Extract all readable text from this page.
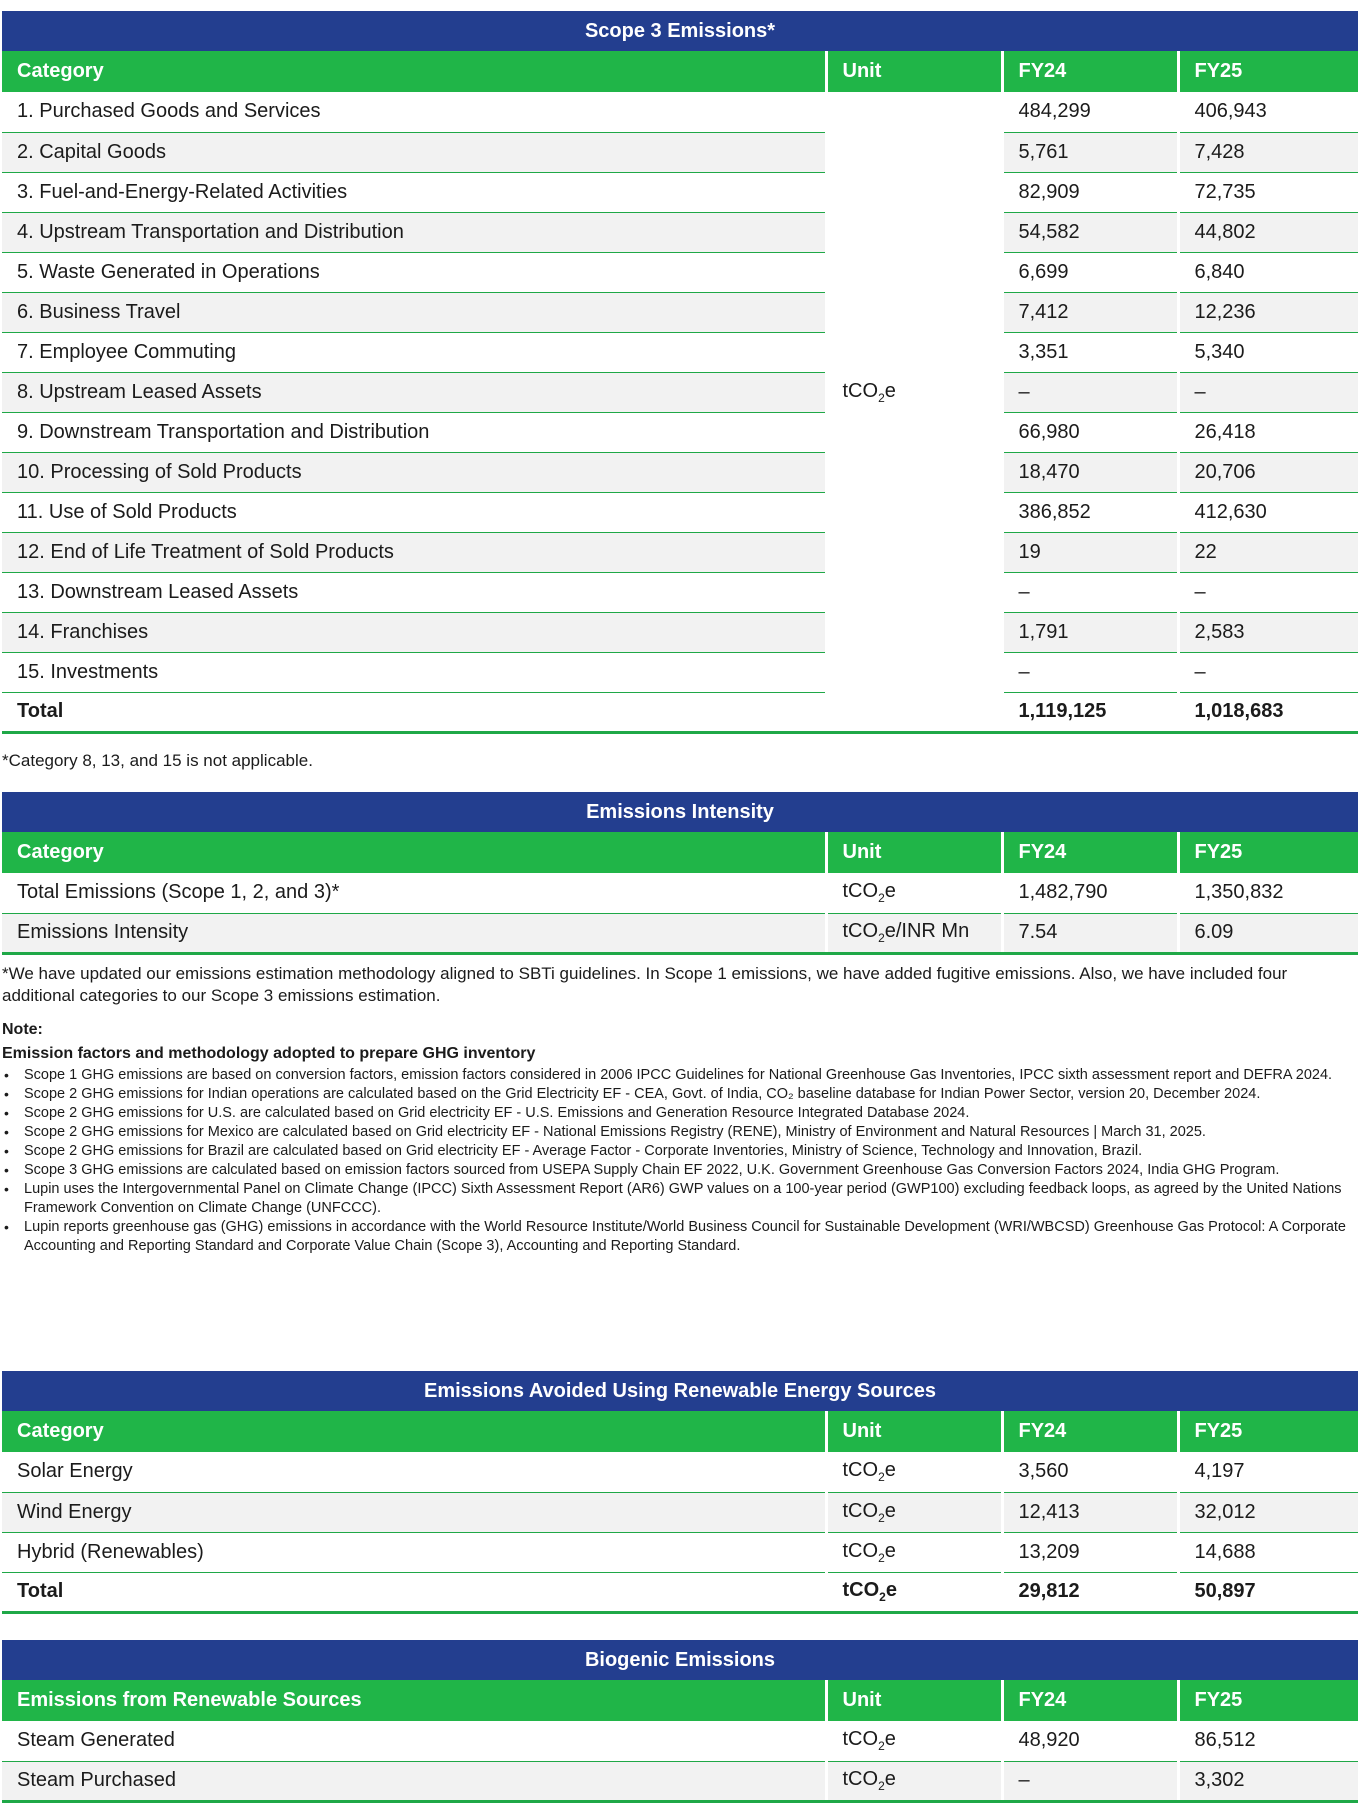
Scope 3 Emissions*
Category	Unit	FY24	FY25
1. Purchased Goods and Services	tCO$_2$e	484,299	406,943
2. Capital Goods		5,761	7,428
3. Fuel-and-Energy-Related Activities		82,909	72,735
4. Upstream Transportation and Distribution		54,582	44,802
5. Waste Generated in Operations		6,699	6,840
6. Business Travel		7,412	12,236
7. Employee Commuting		3,351	5,340
8. Upstream Leased Assets		–	–
9. Downstream Transportation and Distribution		66,980	26,418
10. Processing of Sold Products		18,470	20,706
11. Use of Sold Products		386,852	412,630
12. End of Life Treatment of Sold Products		19	22
13. Downstream Leased Assets		–	–
14. Franchises		1,791	2,583
15. Investments		–	–
Total		1,119,125	1,018,683
*Category 8, 13, and 15 is not applicable.
Emissions Intensity
Category	Unit	FY24	FY25
Total Emissions (Scope 1, 2, and 3)*	tCO$_2$e	1,482,790	1,350,832
Emissions Intensity	tCO$_2$e/INR Mn	7.54	6.09
*We have updated our emissions estimation methodology aligned to SBTi guidelines. In Scope 1 emissions, we have added fugitive emissions. Also, we have included four additional categories to our Scope 3 emissions estimation.
Note:
Emission factors and methodology adopted to prepare GHG inventory
• Scope 1 GHG emissions are based on conversion factors, emission factors considered in 2006 IPCC Guidelines for National Greenhouse Gas Inventories, IPCC sixth assessment report and DEFRA 2024.
• Scope 2 GHG emissions for Indian operations are calculated based on the Grid Electricity EF - CEA, Govt. of India, CO₂ baseline database for Indian Power Sector, version 20, December 2024.
• Scope 2 GHG emissions for U.S. are calculated based on Grid electricity EF - U.S. Emissions and Generation Resource Integrated Database 2024.
• Scope 2 GHG emissions for Mexico are calculated based on Grid electricity EF - National Emissions Registry (RENE), Ministry of Environment and Natural Resources | March 31, 2025.
• Scope 2 GHG emissions for Brazil are calculated based on Grid electricity EF - Average Factor - Corporate Inventories, Ministry of Science, Technology and Innovation, Brazil.
• Scope 3 GHG emissions are calculated based on emission factors sourced from USEPA Supply Chain EF 2022, U.K. Government Greenhouse Gas Conversion Factors 2024, India GHG Program.
• Lupin uses the Intergovernmental Panel on Climate Change (IPCC) Sixth Assessment Report (AR6) GWP values on a 100-year period (GWP100) excluding feedback loops, as agreed by the United Nations Framework Convention on Climate Change (UNFCCC).
• Lupin reports greenhouse gas (GHG) emissions in accordance with the World Resource Institute/World Business Council for Sustainable Development (WRI/WBCSD) Greenhouse Gas Protocol: A Corporate Accounting and Reporting Standard and Corporate Value Chain (Scope 3), Accounting and Reporting Standard.
Emissions Avoided Using Renewable Energy Sources
Category	Unit	FY24	FY25
Solar Energy	tCO$_2$e	3,560	4,197
Wind Energy	tCO$_2$e	12,413	32,012
Hybrid (Renewables)	tCO$_2$e	13,209	14,688
Total	tCO$_2$e	29,812	50,897
Biogenic Emissions
Emissions from Renewable Sources	Unit	FY24	FY25
Steam Generated	tCO$_2$e	48,920	86,512
Steam Purchased	tCO$_2$e	–	3,302
